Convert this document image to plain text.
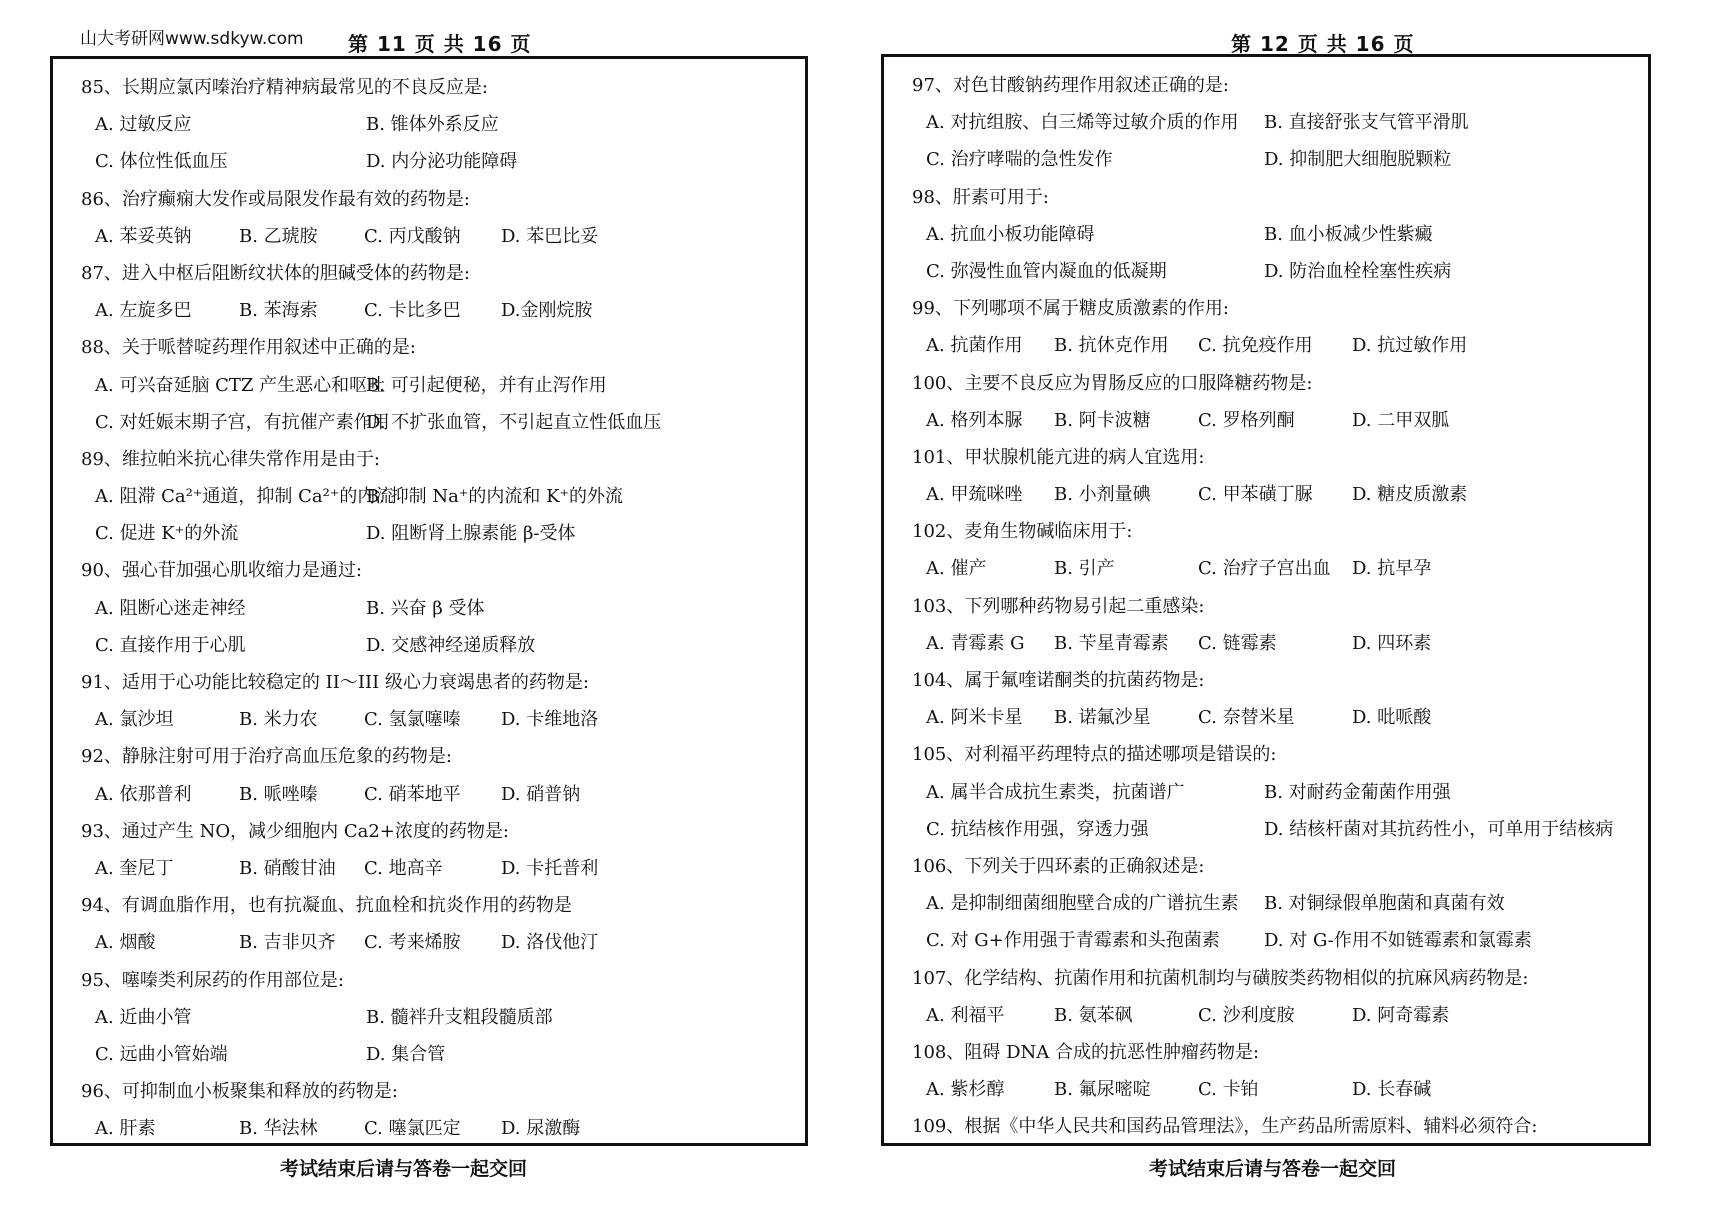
山大考研网www.sdkyw.com 第 11 页 共 16 页
85、长期应氯丙嗪治疗精神病最常见的不良反应是:
A. 过敏反应	B. 锥体外系反应
C. 体位性低血压	D. 内分泌功能障碍
86、治疗癫痫大发作或局限发作最有效的药物是:
A. 苯妥英钠	B. 乙琥胺	C. 丙戊酸钠 D. 苯巴比妥
87、进入中枢后阻断纹状体的胆碱受体的药物是:
A. 左旋多巴	B. 苯海索	C. 卡比多巴 D.金刚烷胺
88、关于哌替啶药理作用叙述中正确的是:
A. 可兴奋延脑 CTZ 产生恶心和呕吐
B. 可引起便秘，并有止泻作用
C. 对妊娠末期子宫，有抗催产素作用
D. 不扩张血管，不引起直立性低血压
89、维拉帕米抗心律失常作用是由于:
A. 阻滞 Ca²⁺通道，抑制 Ca²⁺的内流
B. 抑制 Na⁺的内流和 K⁺的外流
C. 促进 K⁺的外流	D. 阻断肾上腺素能 β-受体
90、强心苷加强心肌收缩力是通过:
A. 阻断心迷走神经	B. 兴奋 β 受体
C. 直接作用于心肌	D. 交感神经递质释放
91、适用于心功能比较稳定的 II～III 级心力衰竭患者的药物是:
A. 氯沙坦	B. 米力农	C. 氢氯噻嗪 D. 卡维地洛
92、静脉注射可用于治疗高血压危象的药物是:
A. 依那普利	B. 哌唑嗪	C. 硝苯地平 D. 硝普钠
93、通过产生 NO，减少细胞内 Ca2+浓度的药物是:
A. 奎尼丁	B. 硝酸甘油 C. 地高辛	D. 卡托普利
94、有调血脂作用，也有抗凝血、抗血栓和抗炎作用的药物是
A. 烟酸	B. 吉非贝齐 C. 考来烯胺 D. 洛伐他汀
95、噻嗪类利尿药的作用部位是:
A. 近曲小管	B. 髓袢升支粗段髓质部
C. 远曲小管始端	D. 集合管
96、可抑制血小板聚集和释放的药物是:
A. 肝素	B. 华法林	C. 噻氯匹定 D. 尿激酶
考试结束后请与答卷一起交回
第 12 页 共 16 页
97、对色甘酸钠药理作用叙述正确的是:
A. 对抗组胺、白三烯等过敏介质的作用 B. 直接舒张支气管平滑肌
C. 治疗哮喘的急性发作	D. 抑制肥大细胞脱颗粒
98、肝素可用于:
A. 抗血小板功能障碍	B. 血小板减少性紫癜
C. 弥漫性血管内凝血的低凝期	D. 防治血栓栓塞性疾病
99、下列哪项不属于糖皮质激素的作用:
A. 抗菌作用 B. 抗休克作用 C. 抗免疫作用 D. 抗过敏作用
100、主要不良反应为胃肠反应的口服降糖药物是:
A. 格列本脲 B. 阿卡波糖	C. 罗格列酮	D. 二甲双胍
101、甲状腺机能亢进的病人宜选用:
A. 甲巯咪唑 B. 小剂量碘	C. 甲苯磺丁脲 D. 糖皮质激素
102、麦角生物碱临床用于:
A. 催产	B. 引产	C. 治疗子宫出血 D. 抗早孕
103、下列哪种药物易引起二重感染:
A. 青霉素 G B. 苄星青霉素 C. 链霉素	D. 四环素
104、属于氟喹诺酮类的抗菌药物是:
A. 阿米卡星 B. 诺氟沙星	C. 奈替米星	D. 吡哌酸
105、对利福平药理特点的描述哪项是错误的:
A. 属半合成抗生素类，抗菌谱广	B. 对耐药金葡菌作用强
C. 抗结核作用强，穿透力强	D. 结核杆菌对其抗药性小，可单用于结核病
106、下列关于四环素的正确叙述是:
A. 是抑制细菌细胞壁合成的广谱抗生素 B. 对铜绿假单胞菌和真菌有效
C. 对 G+作用强于青霉素和头孢菌素 D. 对 G-作用不如链霉素和氯霉素
107、化学结构、抗菌作用和抗菌机制均与磺胺类药物相似的抗麻风病药物是:
A. 利福平	B. 氨苯砜	C. 沙利度胺	D. 阿奇霉素
108、阻碍 DNA 合成的抗恶性肿瘤药物是:
A. 紫杉醇	B. 氟尿嘧啶	C. 卡铂	D. 长春碱
109、根据《中华人民共和国药品管理法》，生产药品所需原料、辅料必须符合:
考试结束后请与答卷一起交回
